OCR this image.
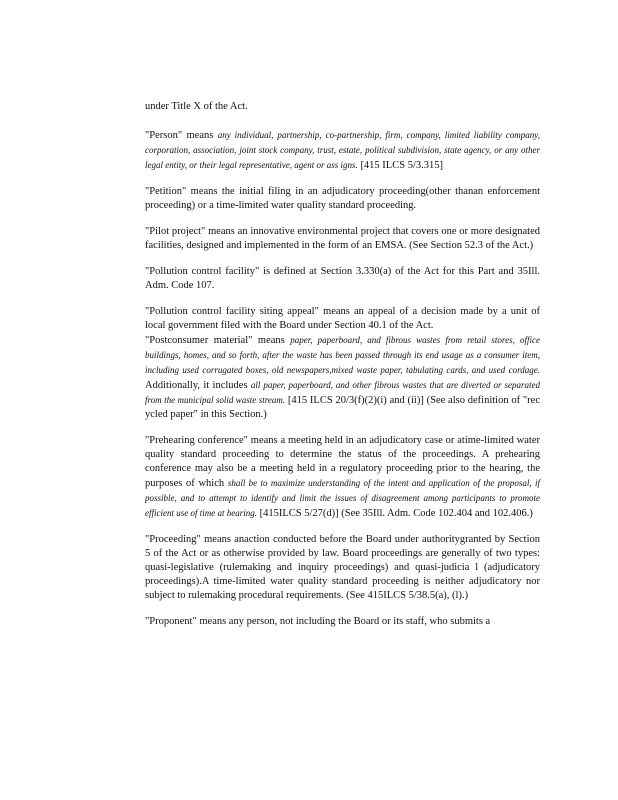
under Title X of the Act.

"Person" means any individual, partnership, co-partnership, firm, company, limited liability company, corporation, association, joint stock company, trust, estate, political subdivision, state agency, or any other legal entity, or their legal representative, agent or ass igns. [415 ILCS 5/3.315]

"Petition" means the initial filing in an adjudicatory proceeding(other thanan enforcement proceeding) or a time-limited water quality standard proceeding.

"Pilot project" means an innovative environmental project that covers one or more designated facilities, designed and implemented in the form of an EMSA. (See Section 52.3 of the Act.)

"Pollution control facility" is defined at Section 3.330(a) of the Act for this Part and 35Ill. Adm. Code 107.

"Pollution control facility siting appeal" means an appeal of a decision made by a unit of local government filed with the Board under Section 40.1 of the Act.

"Postconsumer material" means paper, paperboard, and fibrous wastes from retail stores, office buildings, homes, and so forth, after the waste has been passed through its end usage as a consumer item, including used corrugated boxes, old newspapers,mixed waste paper, tabulating cards, and used cordage. Additionally, it includes all paper, paperboard, and other fibrous wastes that are diverted or separated from the municipal solid waste stream. [415 ILCS 20/3(f)(2)(i) and (ii)] (See also definition of "rec ycled paper" in this Section.)

"Prehearing conference" means a meeting held in an adjudicatory case or atime-limited water quality standard proceeding to determine the status of the proceedings. A prehearing conference may also be a meeting held in a regulatory proceeding prior to the hearing, the purposes of which shall be to maximize understanding of the intent and application of the proposal, if possible, and to attempt to identify and limit the issues of disagreement among participants to promote efficient use of time at hearing. [415ILCS 5/27(d)] (See 35Ill. Adm. Code 102.404 and 102.406.)

"Proceeding" means anaction conducted before the Board under authoritygranted by Section 5 of the Act or as otherwise provided by law. Board proceedings are generally of two types: quasi-legislative (rulemaking and inquiry proceedings) and quasi-judicia l (adjudicatory proceedings).A time-limited water quality standard proceeding is neither adjudicatory nor subject to rulemaking procedural requirements. (See 415ILCS 5/38.5(a), (l).)

"Proponent" means any person, not including the Board or its staff, who submits a
